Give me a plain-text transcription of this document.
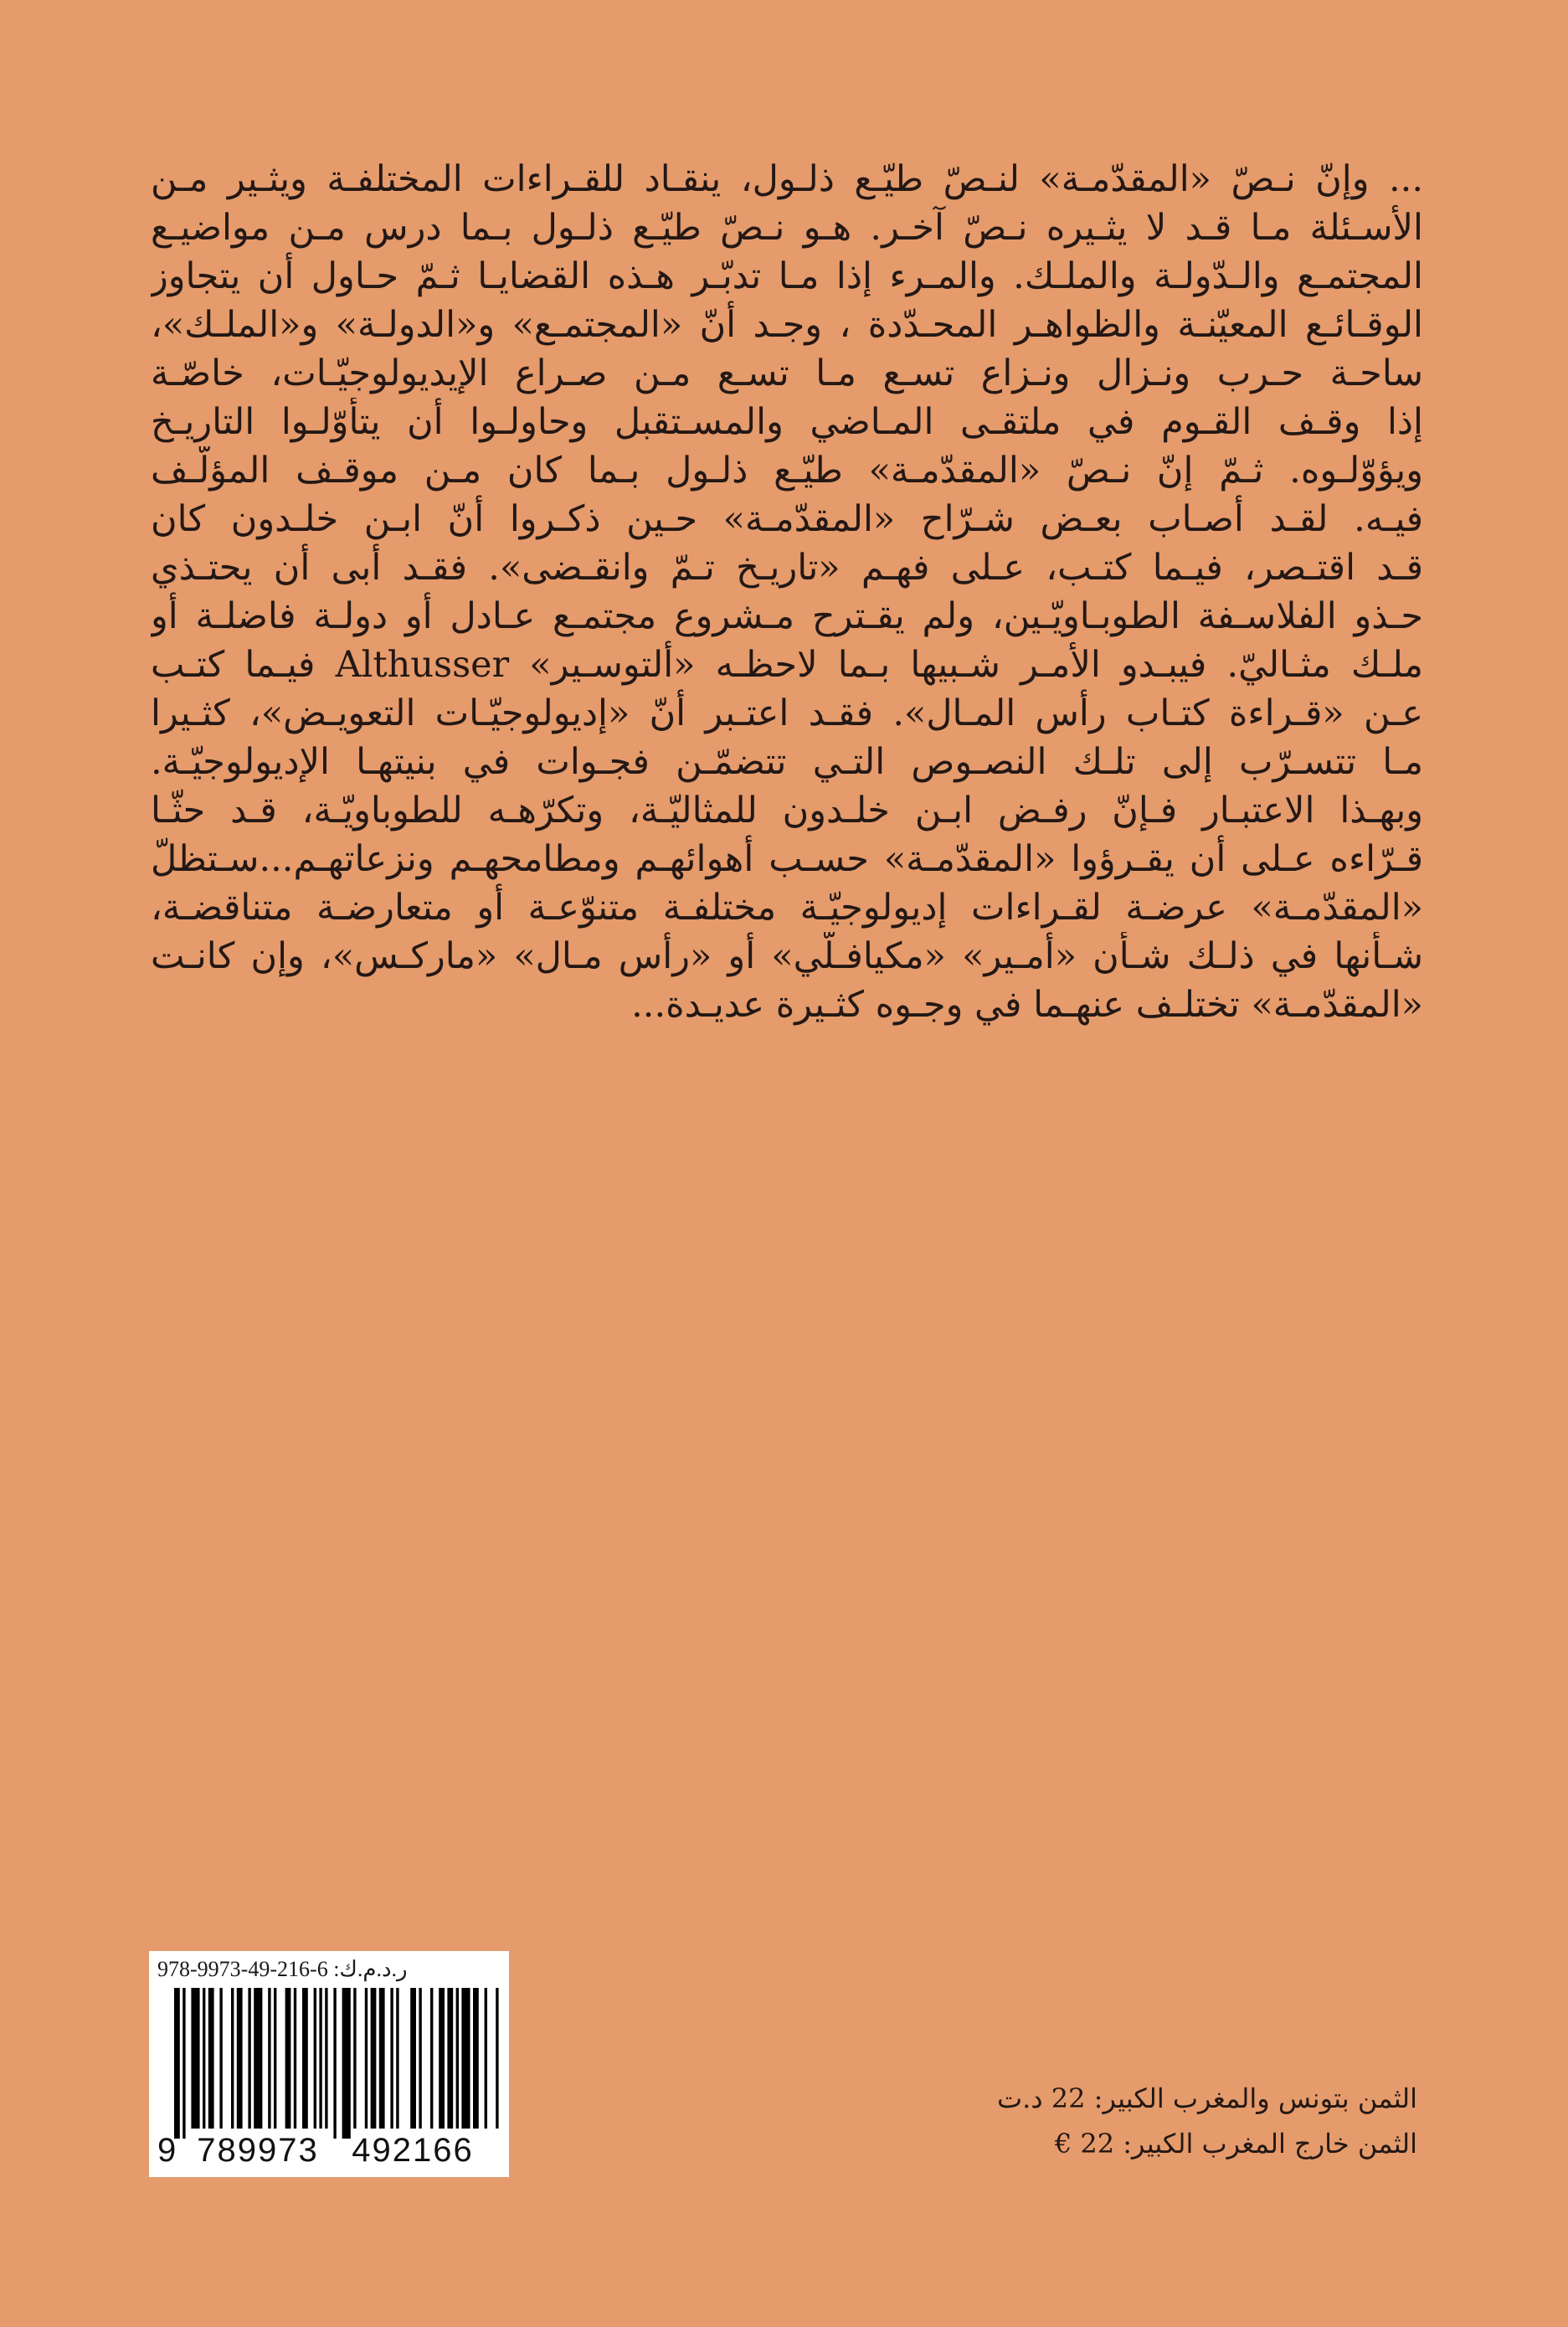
... وإنّ نـصّ «المقدّمـة» لنـصّ طيّـع ذلـول، ينقـاد للقـراءات المختلفـة ويثـير مـن
الأسـئلة مـا قـد لا يثـيره نـصّ آخـر. هـو نـصّ طيّـع ذلـول بـما درس مـن مواضيـع
المجتمـع والـدّولـة والملـك. والمـرء إذا مـا تدبّـر هـذه القضايـا ثـمّ حـاول أن يتجاوز
الوقـائـع المعيّنـة والظواهـر المحـدّدة ، وجـد أنّ «المجتمـع» و«الدولـة» و«الملـك»،
ساحـة حـرب ونـزال ونـزاع تسـع مـا تسـع مـن صـراع الإيديولوجيّـات، خاصّـة
إذا وقـف القـوم في ملتقـى المـاضي والمسـتقبل وحاولـوا أن يتأوّلـوا التاريـخ
ويؤوّلـوه. ثـمّ إنّ نـصّ «المقدّمـة» طيّـع ذلـول بـما كان مـن موقـف المؤلّـف
فيـه. لقـد أصـاب بعـض شـرّاح «المقدّمـة» حـين ذكـروا أنّ ابـن خلـدون كان
قـد اقتـصر، فيـما كتـب، عـلى فهـم «تاريـخ تـمّ وانقـضى». فقـد أبى أن يحتـذي
حـذو الفلاسـفة الطوبـاويّـين، ولم يقـترح مـشروع مجتمـع عـادل أو دولـة فاضلـة أو
ملـك مثـاليّ. فيبـدو الأمـر شـبيها بـما لاحظـه «ألتوسـير» Althusser فيـما كتـب
عـن «قـراءة كتـاب رأس المـال». فقـد اعتـبر أنّ «إديولوجيّـات التعويـض»، كثـيرا
مـا تتسـرّب إلى تلـك النصـوص التـي تتضمّـن فجـوات في بنيتهـا الإديولوجيّـة.
وبهـذا الاعتبـار فـإنّ رفـض ابـن خلـدون للمثاليّـة، وتكرّهـه للطوباويّـة، قـد حثّـا
قـرّاءه عـلى أن يقـرؤوا «المقدّمـة» حسـب أهوائهـم ومطامحهـم ونزعاتهـم...سـتظلّ
«المقدّمـة» عرضـة لقـراءات إديولوجيّـة مختلفـة متنوّعـة أو متعارضـة متناقضـة،
شـأنها في ذلـك شـأن «أمـير» «مكيافـلّي» أو «رأس مـال» «ماركـس»، وإن كانـت
«المقدّمـة» تختلـف عنهـما في وجـوه كثـيرة عديـدة...
ر.د.م.ك: 6-216-49-9973-978
9 789973 492166
الثمن بتونس والمغرب الكبير: 22 د.ت
الثمن خارج المغرب الكبير: 22 €
